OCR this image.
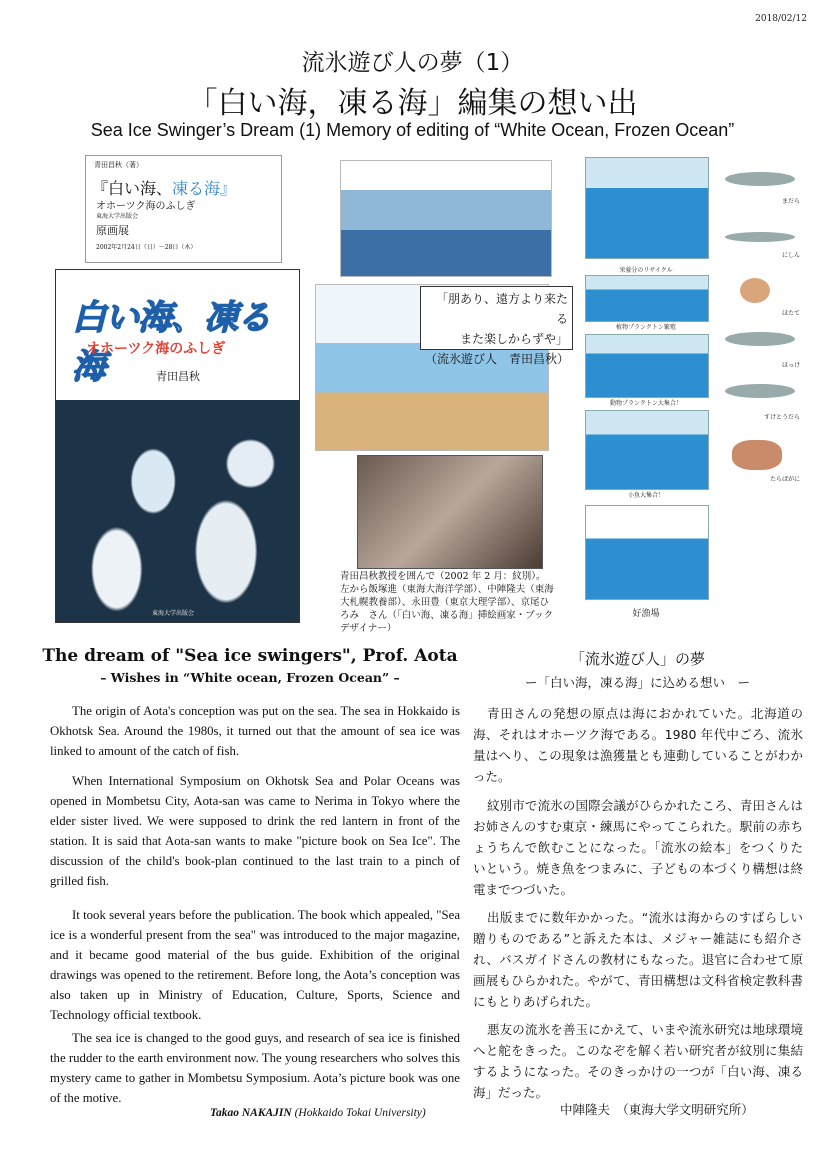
2018/02/12
流氷遊び人の夢（1）
「白い海，凍る海」編集の想い出
Sea Ice Swinger’s Dream (1) Memory of editing of “White Ocean, Frozen Ocean”
青田昌秋（著）
『白い海、凍る海』
オホーツク海のふしぎ
東海大学出版会
原画展
2002年2月24日（日）〜28日（木）
白い海、凍る海
オホーツク海のふしぎ
青田昌秋
東海大学出版会
「朋あり、遠方より来たる
また楽しからずや」
（流氷遊び人　青田昌秋）
青田昌秋教授を囲んで（2002 年 2 月：紋別）。左から飯塚進（東海大海洋学部）、中陣隆夫（東海大札幌教養部）、永田豊（東京大理学部）、京尾ひろみ　さん（「白い海、凍る海」挿絵画家・ブックデザイナー）
栄養分のリサイクル
植物プランクトン繁殖
動物プランクトン大集合！
小魚大集合！
好漁場
まだら
にしん
ほたて
ほっけ
すけとうだら
たらばがに
The dream of "Sea ice swingers", Prof. Aota
– Wishes in “White ocean, Frozen Ocean” –
The origin of Aota's conception was put on the sea. The sea in Hokkaido is Okhotsk Sea. Around the 1980s, it turned out that the amount of sea ice was linked to amount of the catch of fish.
When International Symposium on Okhotsk Sea and Polar Oceans was opened in Mombetsu City, Aota-san was came to Nerima in Tokyo where the elder sister lived. We were supposed to drink the red lantern in front of the station. It is said that Aota-san wants to make "picture book on Sea Ice". The discussion of the child's book-plan continued to the last train to a pinch of grilled fish.
It took several years before the publication. The book which appealed, "Sea ice is a wonderful present from the sea" was introduced to the major magazine, and it became good material of the bus guide. Exhibition of the original drawings was opened to the retirement. Before long, the Aota’s conception was also taken up in Ministry of Education, Culture, Sports, Science and Technology official textbook.
The sea ice is changed to the good guys, and research of sea ice is finished the rudder to the earth environment now. The young researchers who solves this mystery came to gather in Mombetsu Symposium. Aota’s picture book was one of the motive.
Takao NAKAJIN (Hokkaido Tokai University)
「流氷遊び人」の夢
ー「白い海，凍る海」に込める想い　ー
青田さんの発想の原点は海におかれていた。北海道の海、それはオホーツク海である。1980 年代中ごろ、流氷量はへり、この現象は漁獲量とも連動していることがわかった。
紋別市で流氷の国際会議がひらかれたころ、青田さんはお姉さんのすむ東京・練馬にやってこられた。駅前の赤ちょうちんで飲むことになった。「流氷の絵本」をつくりたいという。焼き魚をつまみに、子どもの本づくり構想は終電までつづいた。
出版までに数年かかった。“流氷は海からのすばらしい贈りものである”と訴えた本は、メジャー雑誌にも紹介され、バスガイドさんの教材にもなった。退官に合わせて原画展もひらかれた。やがて、青田構想は文科省検定教科書にもとりあげられた。
悪友の流氷を善玉にかえて、いまや流氷研究は地球環境へと舵をきった。このなぞを解く若い研究者が紋別に集結するようになった。そのきっかけの一つが「白い海、凍る海」だった。
中陣隆夫　（東海大学文明研究所）
